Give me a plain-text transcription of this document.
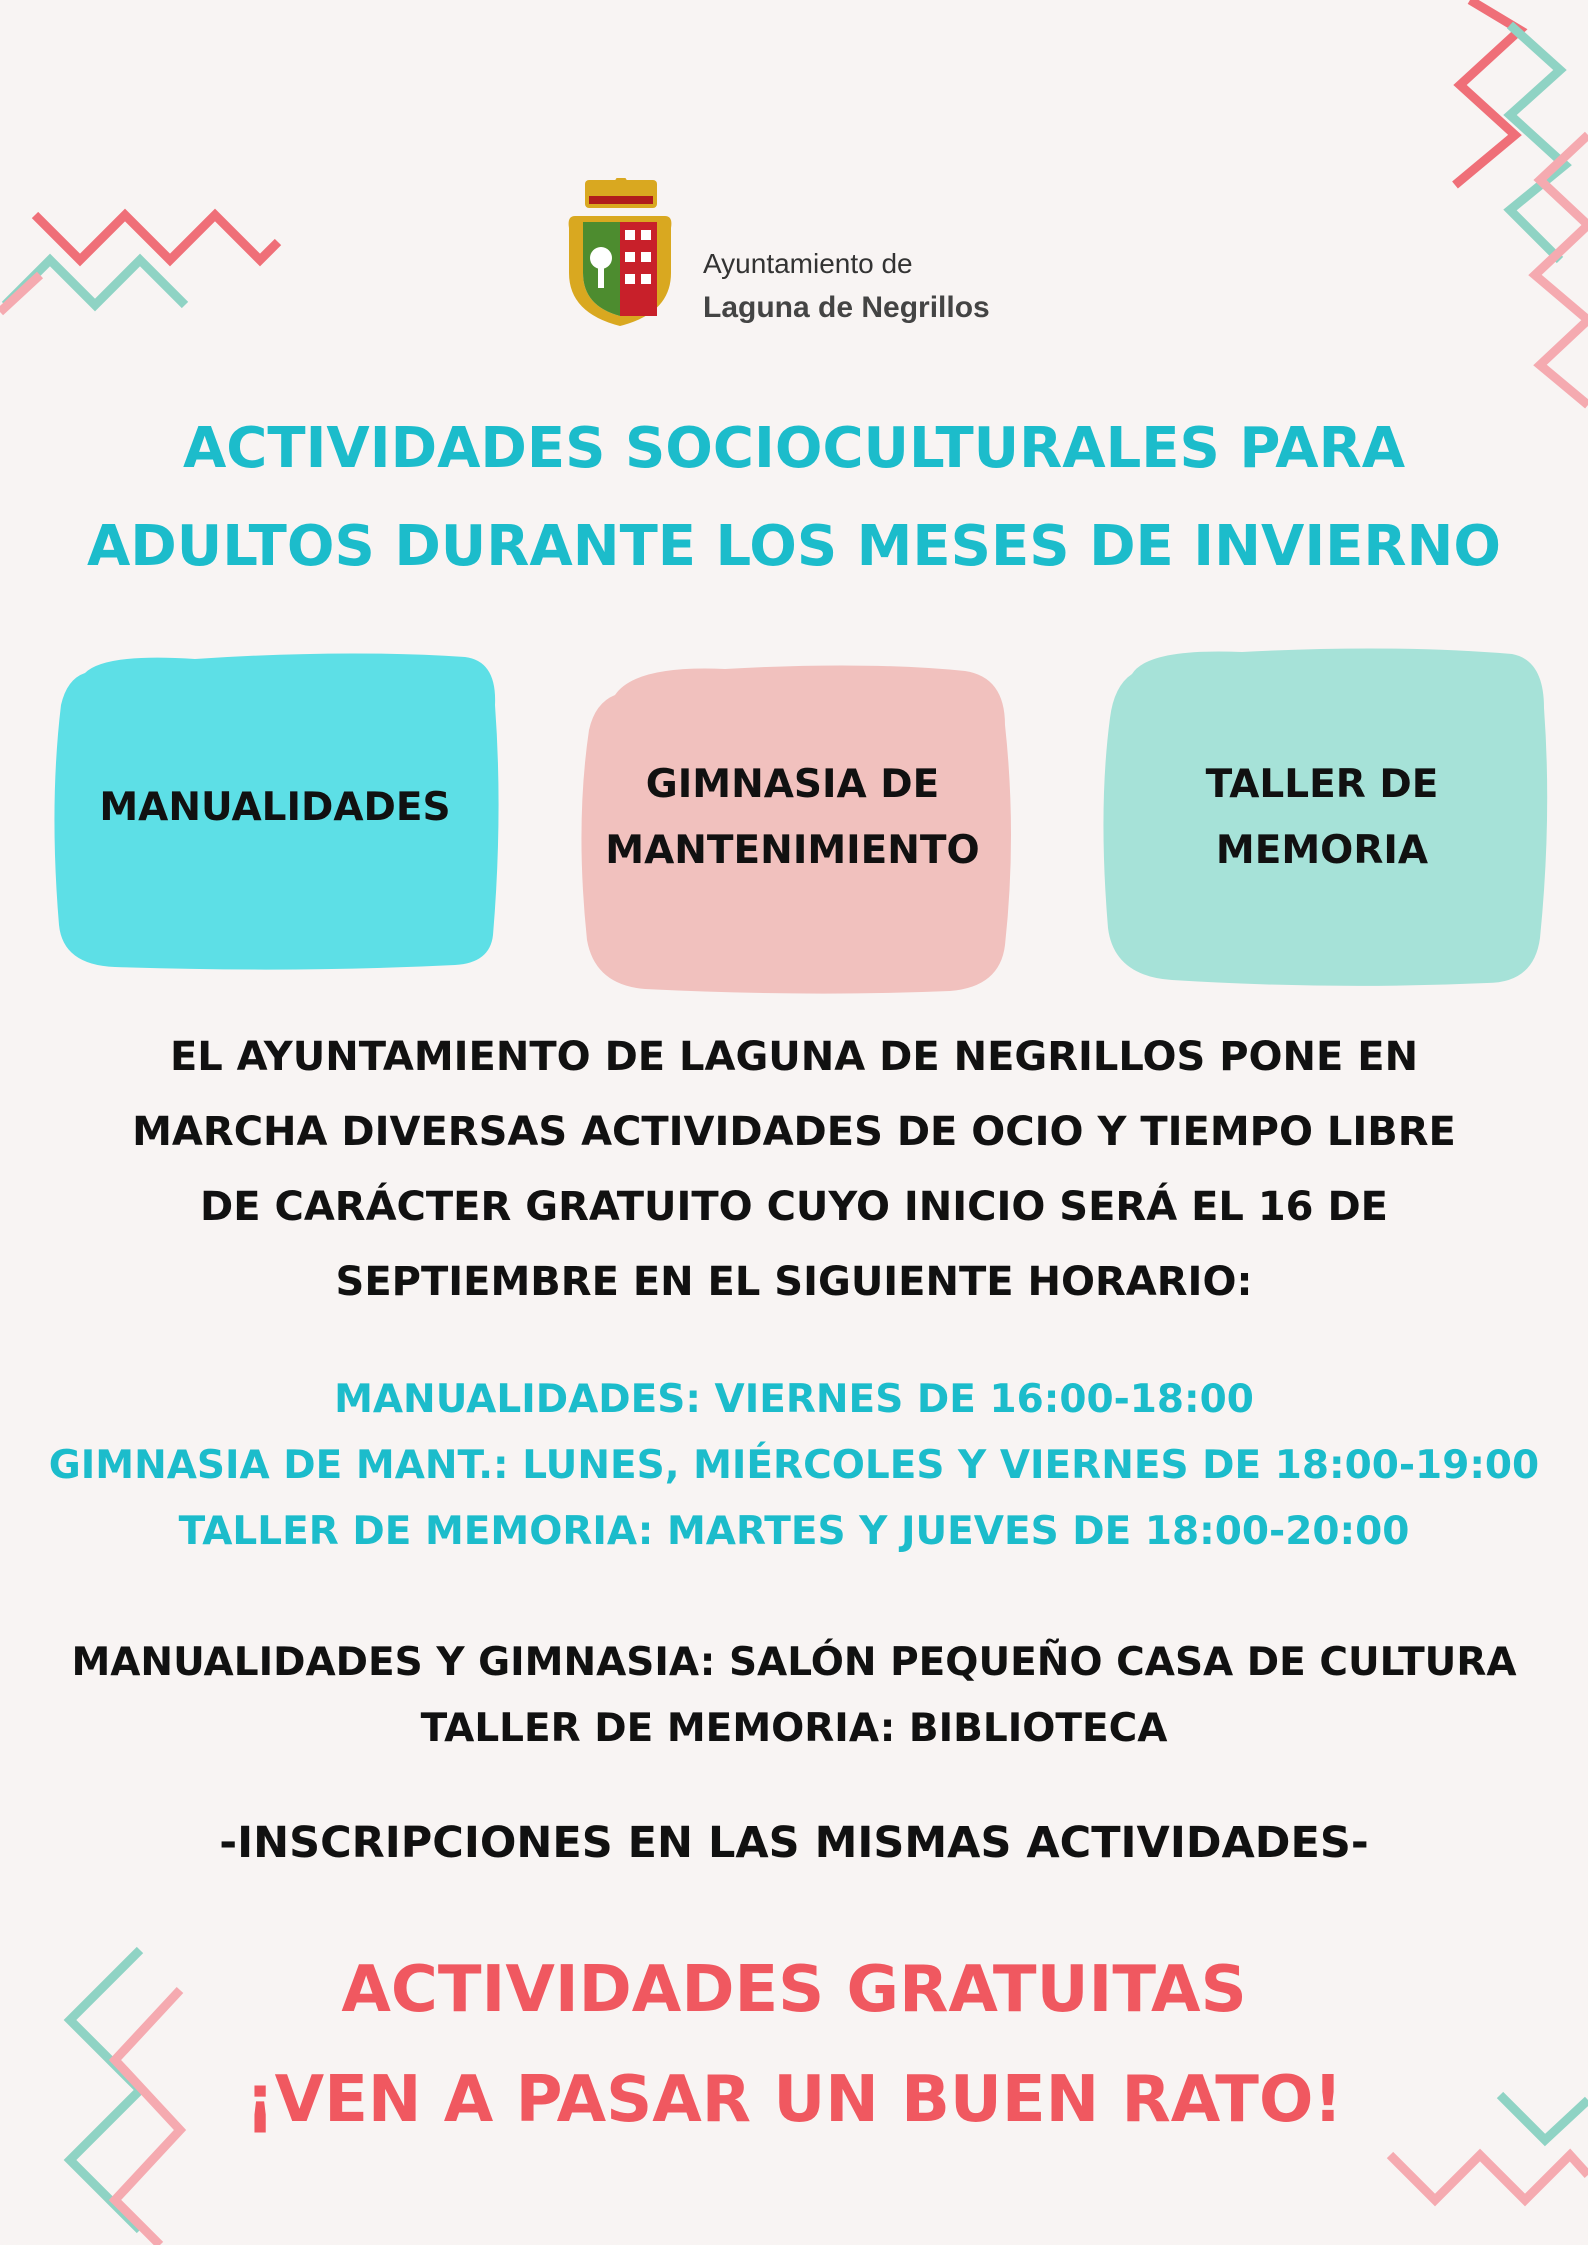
Ayuntamiento de
Laguna de Negrillos
ACTIVIDADES SOCIOCULTURALES PARA
ADULTOS DURANTE LOS MESES DE INVIERNO
MANUALIDADES
GIMNASIA DE
MANTENIMIENTO
TALLER DE
MEMORIA
EL AYUNTAMIENTO DE LAGUNA DE NEGRILLOS PONE EN
MARCHA DIVERSAS ACTIVIDADES DE OCIO Y TIEMPO LIBRE
DE CARÁCTER GRATUITO CUYO INICIO SERÁ EL 16 DE
SEPTIEMBRE EN EL SIGUIENTE HORARIO:
MANUALIDADES: VIERNES DE 16:00-18:00
GIMNASIA DE MANT.: LUNES, MIÉRCOLES Y VIERNES DE 18:00-19:00
TALLER DE MEMORIA: MARTES Y JUEVES DE 18:00-20:00
MANUALIDADES Y GIMNASIA: SALÓN PEQUEÑO CASA DE CULTURA
TALLER DE MEMORIA: BIBLIOTECA
-INSCRIPCIONES EN LAS MISMAS ACTIVIDADES-
ACTIVIDADES GRATUITAS
¡VEN A PASAR UN BUEN RATO!
